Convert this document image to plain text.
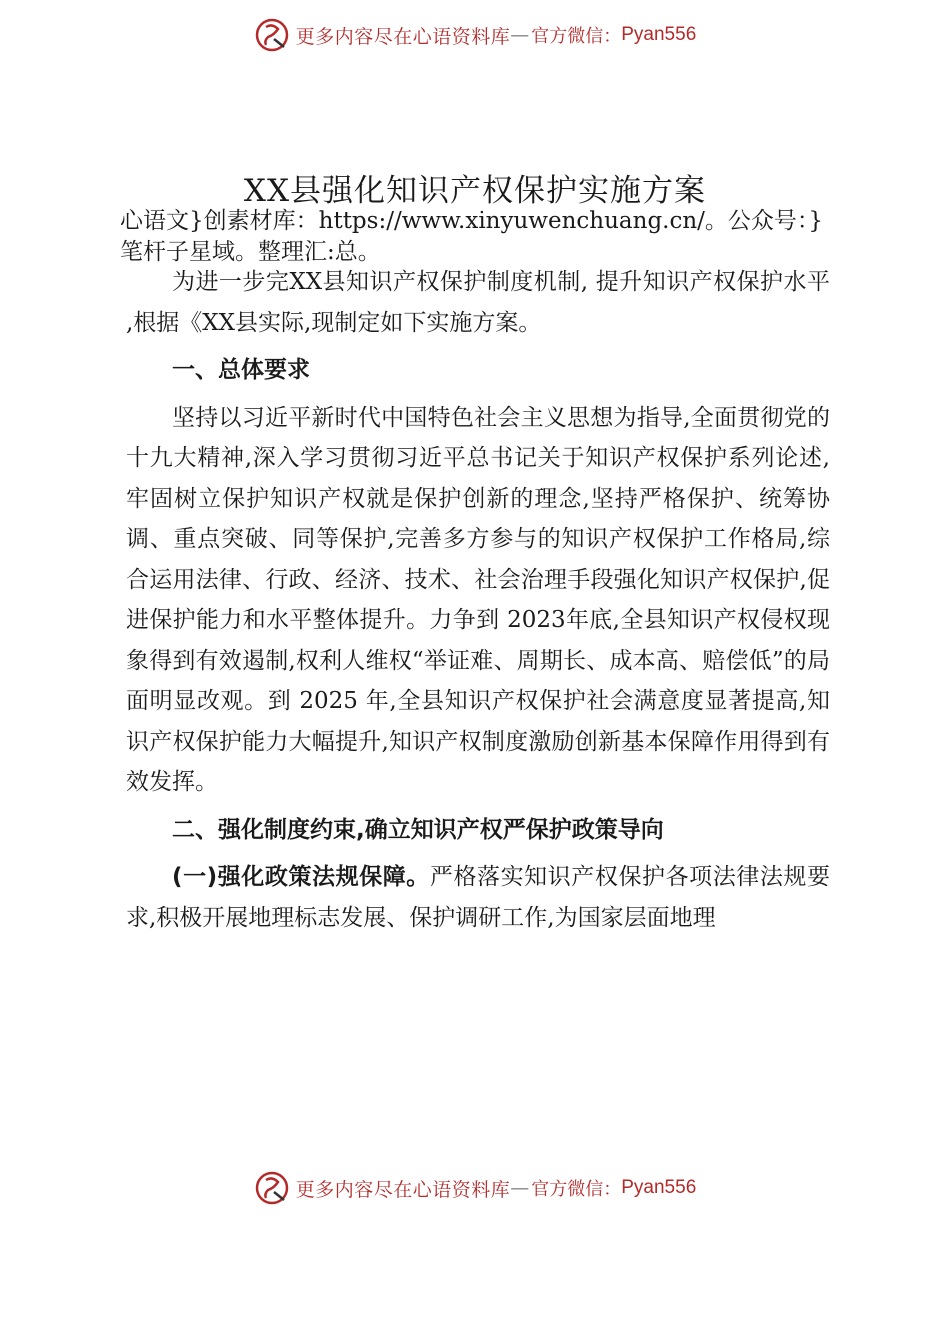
更多内容尽在心语资料库 — 官方微信： Pyan556
XX县强化知识产权保护实施方案

心语文}创素材库：https://www.xinyuwenchuang.cn/。公众号：}笔杆子星域。整理汇:总。

为进一步完XX县知识产权保护制度机制, 提升知识产权保护水平 ,根据《XX县实际,现制定如下实施方案。

一、总体要求

坚持以习近平新时代中国特色社会主义思想为指导,全面贯彻党的十九大精神,深入学习贯彻习近平总书记关于知识产权保护系列论述,牢固树立保护知识产权就是保护创新的理念,坚持严格保护、统筹协调、重点突破、同等保护,完善多方参与的知识产权保护工作格局,综合运用法律、行政、经济、技术、社会治理手段强化知识产权保护,促进保护能力和水平整体提升。力争到 2023年底,全县知识产权侵权现象得到有效遏制,权利人维权“举证难、周期长、成本高、赔偿低”的局面明显改观。到 2025 年,全县知识产权保护社会满意度显著提高,知识产权保护能力大幅提升,知识产权制度激励创新基本保障作用得到有效发挥。

二、强化制度约束,确立知识产权严保护政策导向

(一)强化政策法规保障。严格落实知识产权保护各项法律法规要求,积极开展地理标志发展、保护调研工作,为国家层面地理

更多内容尽在心语资料库 — 官方微信： Pyan556
